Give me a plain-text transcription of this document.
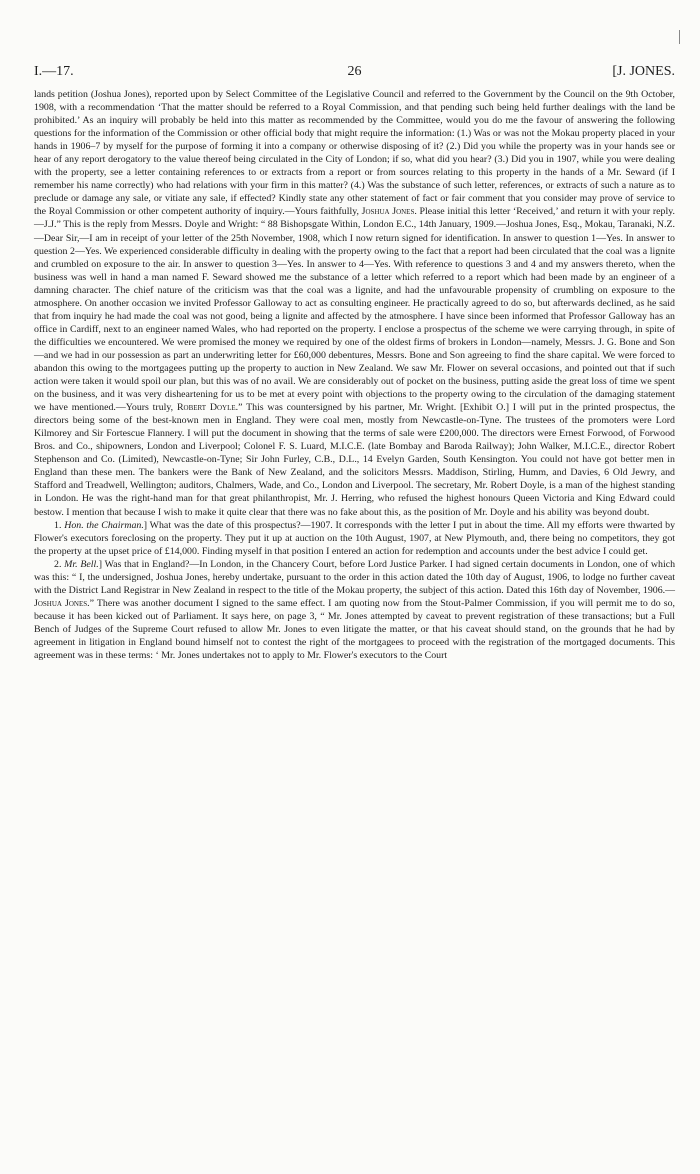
I.—17.	26	[J. JONES.

lands petition (Joshua Jones), reported upon by Select Committee of the Legislative Council and referred to the Government by the Council on the 9th October, 1908, with a recommendation ‘That the matter should be referred to a Royal Commission, and that pending such being held further dealings with the land be prohibited.’ As an inquiry will probably be held into this matter as recommended by the Committee, would you do me the favour of answering the following questions for the information of the Commission or other official body that might require the information: (1.) Was or was not the Mokau property placed in your hands in 1906–7 by myself for the purpose of forming it into a company or otherwise disposing of it? (2.) Did you while the property was in your hands see or hear of any report derogatory to the value thereof being circulated in the City of London; if so, what did you hear? (3.) Did you in 1907, while you were dealing with the property, see a letter containing references to or extracts from a report or from sources relating to this property in the hands of a Mr. Seward (if I remember his name correctly) who had relations with your firm in this matter? (4.) Was the substance of such letter, references, or extracts of such a nature as to preclude or damage any sale, or vitiate any sale, if effected? Kindly state any other statement of fact or fair comment that you consider may prove of service to the Royal Commission or other competent authority of inquiry.—Yours faithfully, Joshua Jones. Please initial this letter ‘Received,’ and return it with your reply.—J.J.” This is the reply from Messrs. Doyle and Wright: “ 88 Bishopsgate Within, London E.C., 14th January, 1909.—Joshua Jones, Esq., Mokau, Taranaki, N.Z.—Dear Sir,—I am in receipt of your letter of the 25th November, 1908, which I now return signed for identification. In answer to question 1—Yes. In answer to question 2—Yes. We experienced considerable difficulty in dealing with the property owing to the fact that a report had been circulated that the coal was a lignite and crumbled on exposure to the air. In answer to question 3—Yes. In answer to 4—Yes. With reference to questions 3 and 4 and my answers thereto, when the business was well in hand a man named F. Seward showed me the substance of a letter which referred to a report which had been made by an engineer of a damning character. The chief nature of the criticism was that the coal was a lignite, and had the unfavourable propensity of crumbling on exposure to the atmosphere. On another occasion we invited Professor Galloway to act as consulting engineer. He practically agreed to do so, but afterwards declined, as he said that from inquiry he had made the coal was not good, being a lignite and affected by the atmosphere. I have since been informed that Professor Galloway has an office in Cardiff, next to an engineer named Wales, who had reported on the property. I enclose a prospectus of the scheme we were carrying through, in spite of the difficulties we encountered. We were promised the money we required by one of the oldest firms of brokers in London—namely, Messrs. J. G. Bone and Son—and we had in our possession as part an underwriting letter for £60,000 debentures, Messrs. Bone and Son agreeing to find the share capital. We were forced to abandon this owing to the mortgagees putting up the property to auction in New Zealand. We saw Mr. Flower on several occasions, and pointed out that if such action were taken it would spoil our plan, but this was of no avail. We are considerably out of pocket on the business, putting aside the great loss of time we spent on the business, and it was very disheartening for us to be met at every point with objections to the property owing to the circulation of the damaging statement we have mentioned.—Yours truly, Robert Doyle.” This was countersigned by his partner, Mr. Wright. [Exhibit O.] I will put in the printed prospectus, the directors being some of the best-known men in England. They were coal men, mostly from Newcastle-on-Tyne. The trustees of the promoters were Lord Kilmorey and Sir Fortescue Flannery. I will put the document in showing that the terms of sale were £200,000. The directors were Ernest Forwood, of Forwood Bros. and Co., shipowners, London and Liverpool; Colonel F. S. Luard, M.I.C.E. (late Bombay and Baroda Railway); John Walker, M.I.C.E., director Robert Stephenson and Co. (Limited), Newcastle-on-Tyne; Sir John Furley, C.B., D.L., 14 Evelyn Garden, South Kensington. You could not have got better men in England than these men. The bankers were the Bank of New Zealand, and the solicitors Messrs. Maddison, Stirling, Humm, and Davies, 6 Old Jewry, and Stafford and Treadwell, Wellington; auditors, Chalmers, Wade, and Co., London and Liverpool. The secretary, Mr. Robert Doyle, is a man of the highest standing in London. He was the right-hand man for that great philanthropist, Mr. J. Herring, who refused the highest honours Queen Victoria and King Edward could bestow. I mention that because I wish to make it quite clear that there was no fake about this, as the position of Mr. Doyle and his ability was beyond doubt.

1. Hon. the Chairman.] What was the date of this prospectus?—1907. It corresponds with the letter I put in about the time. All my efforts were thwarted by Flower's executors foreclosing on the property. They put it up at auction on the 10th August, 1907, at New Plymouth, and, there being no competitors, they got the property at the upset price of £14,000. Finding myself in that position I entered an action for redemption and accounts under the best advice I could get.

2. Mr. Bell.] Was that in England?—In London, in the Chancery Court, before Lord Justice Parker. I had signed certain documents in London, one of which was this: “ I, the undersigned, Joshua Jones, hereby undertake, pursuant to the order in this action dated the 10th day of August, 1906, to lodge no further caveat with the District Land Registrar in New Zealand in respect to the title of the Mokau property, the subject of this action. Dated this 16th day of November, 1906.—Joshua Jones.” There was another document I signed to the same effect. I am quoting now from the Stout-Palmer Commission, if you will permit me to do so, because it has been kicked out of Parliament. It says here, on page 3, “ Mr. Jones attempted by caveat to prevent registration of these transactions; but a Full Bench of Judges of the Supreme Court refused to allow Mr. Jones to even litigate the matter, or that his caveat should stand, on the grounds that he had by agreement in litigation in England bound himself not to contest the right of the mortgagees to proceed with the registration of the mortgaged documents. This agreement was in these terms: ‘ Mr. Jones undertakes not to apply to Mr. Flower's executors to the Court
